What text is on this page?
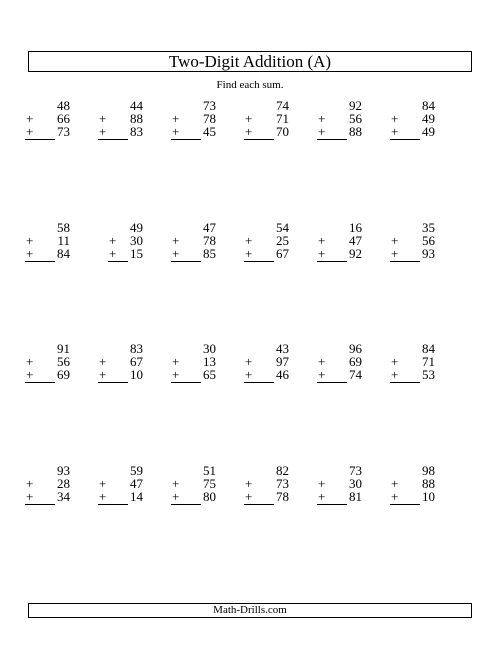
Two-Digit Addition (A)
Find each sum.
48
66
+
73
+
44
88
+
83
+
73
78
+
45
+
74
71
+
70
+
92
56
+
88
+
84
49
+
49
+
58
11
+
84
+
49
30
+
15
+
47
78
+
85
+
54
25
+
67
+
16
47
+
92
+
35
56
+
93
+
91
56
+
69
+
83
67
+
10
+
30
13
+
65
+
43
97
+
46
+
96
69
+
74
+
84
71
+
53
+
93
28
+
34
+
59
47
+
14
+
51
75
+
80
+
82
73
+
78
+
73
30
+
81
+
98
88
+
10
+
Math-Drills.com
